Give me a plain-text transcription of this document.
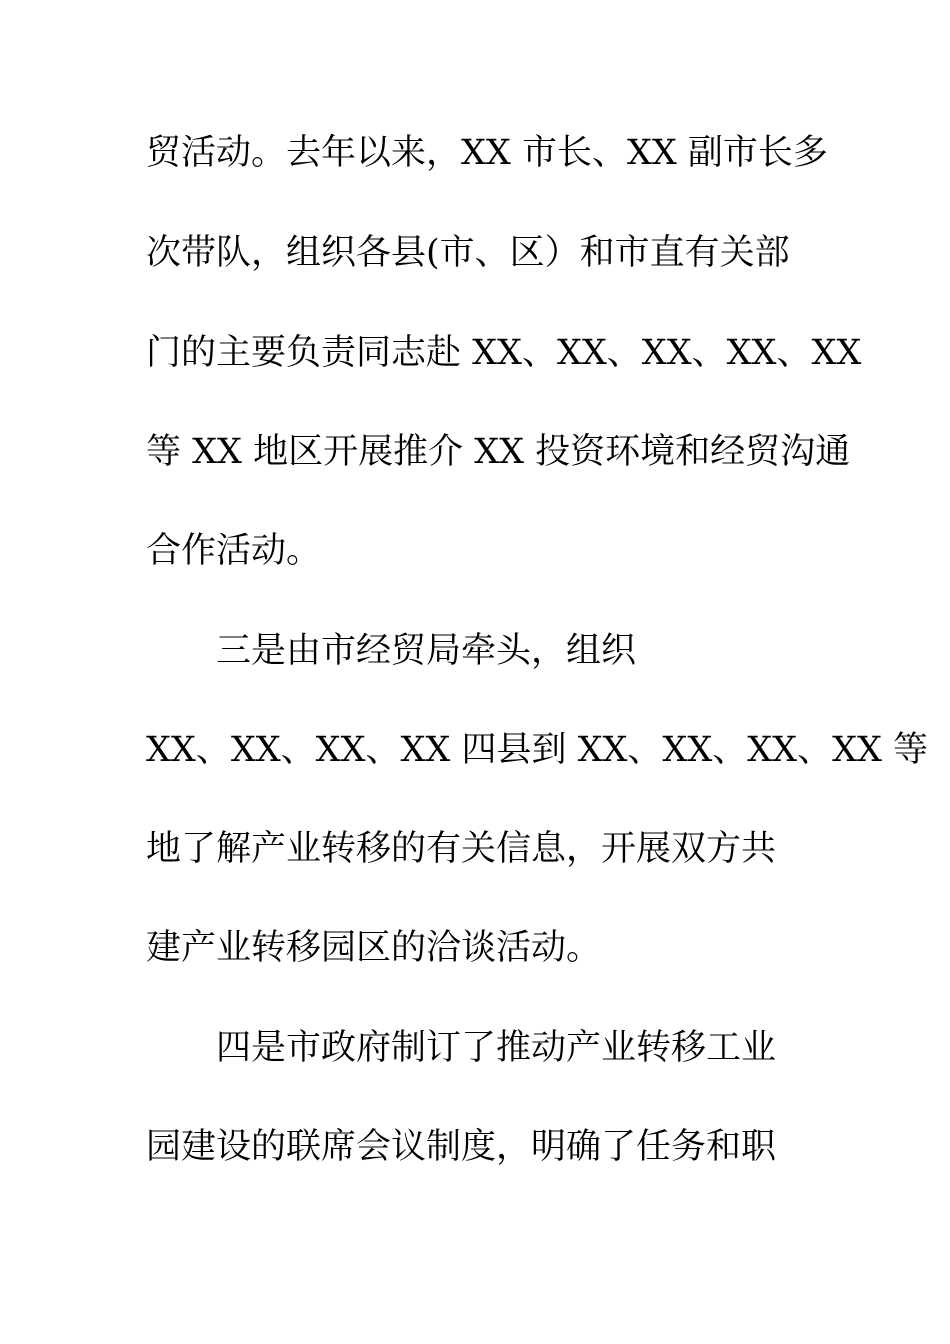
贸活动。去年以来，XX 市长、XX 副市长多
次带队，组织各县(市、区）和市直有关部
门的主要负责同志赴 XX、XX、XX、XX、XX
等 XX 地区开展推介 XX 投资环境和经贸沟通
合作活动。
三是由市经贸局牵头，组织
XX、XX、XX、XX 四县到 XX、XX、XX、XX 等
地了解产业转移的有关信息，开展双方共
建产业转移园区的洽谈活动。
四是市政府制订了推动产业转移工业
园建设的联席会议制度，明确了任务和职
